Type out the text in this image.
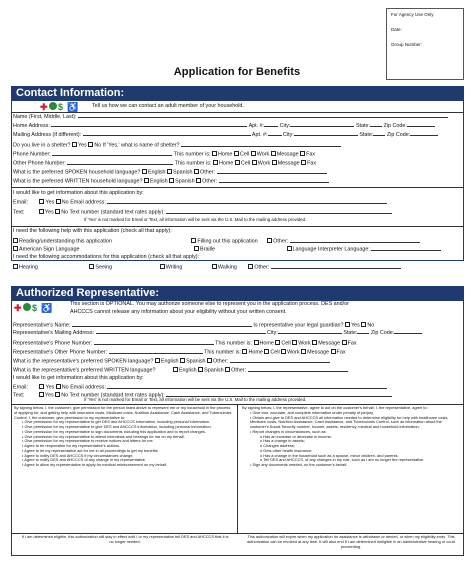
For Agency Use Only
Date:
Group Number:
Application for Benefits
Contact Information:
✚ $ ♿	Tell us how we can contact an adult member of your household.
Name (First, Middle, Last):
Home Address:	Apt. #:	City:	State:	Zip Code:
Mailing Address (if different):	Apt. #:	City:	State:	Zip Code:
Do you live in a shelter? Yes No If 'Yes,' what is name of shelter?
Phone Number:	This number is: Home Cell Work Message Fax
Other Phone Number:	This number is: Home Cell Work Message Fax
What is the preferred SPOKEN household language? English Spanish Other:
What is the preferred WRITTEN household language? English Spanish Other:
I would like to get information about this application by:
Email:	Yes No Email address:
Text:	Yes No Text number (standard text rates apply):
If 'Yes' is not marked for Email or Text, all information will be sent via the U.S. Mail to the mailing address provided.
I need the following help with this application (check all that apply):
Reading/understanding this application	Filling out this application	Other:
American Sign Language	Braille	Language Interpreter Language:
I need the following accommodations for this application (check all that apply):
Hearing	Seeing	Writing	Walking	Other:
Authorized Representative:
✚ $ ♿	This section is OPTIONAL. You may authorize someone else to represent you in the application process. DES and/or
AHCCCS cannot release any information about your eligibility without your written consent.
Representative's Name:	Is representative your legal guardian? Yes No
Representative's Mailing Address:	City:	State:	Zip Code:
Representative's Phone Number:	This number is: Home Cell Work Message Fax
Representative's Other Phone Number:	This number is: Home Cell Work Message Fax
What is the representative's preferred SPOKEN language? English Spanish Other:
What is the representative's preferred WRITTEN language?	English Spanish Other:
I would like to get information about this application by:
Email:	Yes No Email address:
Text:	Yes No Text number (standard text rates apply):
If 'Yes' is not marked for Email or Text, all information will be sent via the U.S. Mail to the mailing address provided.
By signing below, I, the customer, give permission for the person listed above to represent me or my household in the process of applying for, and getting help with insurance costs, Medicare costs, Nutrition Assistance, Cash Assistance, and Tuberculosis Control. I, the customer, give permission to my representative to:
• Give permission for my representative to get DES and AHCCCS information, including personal information.
• Give permission for my representative to give DES and AHCCCS information, including personal information.
• Give permission for my representative to sign documents including this application and to report changes.
• Give permission for my representative to attend interviews and hearings for me on my behalf.
• Give permission for my representative to receive notices and letters for me.
• Agree to be responsible for my representative's actions.
• Agree to let my representative act for me in all proceedings to get my benefits.
• Agree to notify DES and AHCCCS if my circumstances change.
• Agree to notify DES and AHCCCS of any change in my representative.
• Agree to allow my representative to apply for medical reimbursement on my behalf.
By signing below, I, the representative, agree to act on the customer's behalf. I, the representative, agree to:
• Give true, accurate, and complete information under penalty of perjury.
• Obtain and give to DES and AHCCCS all information needed to determine eligibility for help with healthcare costs, Medicare costs, Nutrition Assistance, Cash Assistance, and Tuberculosis Control, such as information about the customer's Social Security number, income, assets, residency, medical and household information.
• Report changes in circumstances, such as:
o Has an increase or decrease in income;
o Has a change in assets;
o Changes address;
o Gets other health insurance;
o Has a change in the household such as a spouse, minor children, and parents.
o Tell DES and AHCCCS, of any changes in my role, such as I am no longer the representative.
• Sign any documents needed, on the customer's behalf.
If I am determined eligible, this authorization will stay in effect until I or my representative tell DES and AHCCCS that it is no longer needed.
This authorization will expire when my application for assistance is withdrawn or denied, or when my eligibility ends. This authorization can be revoked at any time. It will also end if I am determined ineligible in an administrative hearing or court proceeding.
